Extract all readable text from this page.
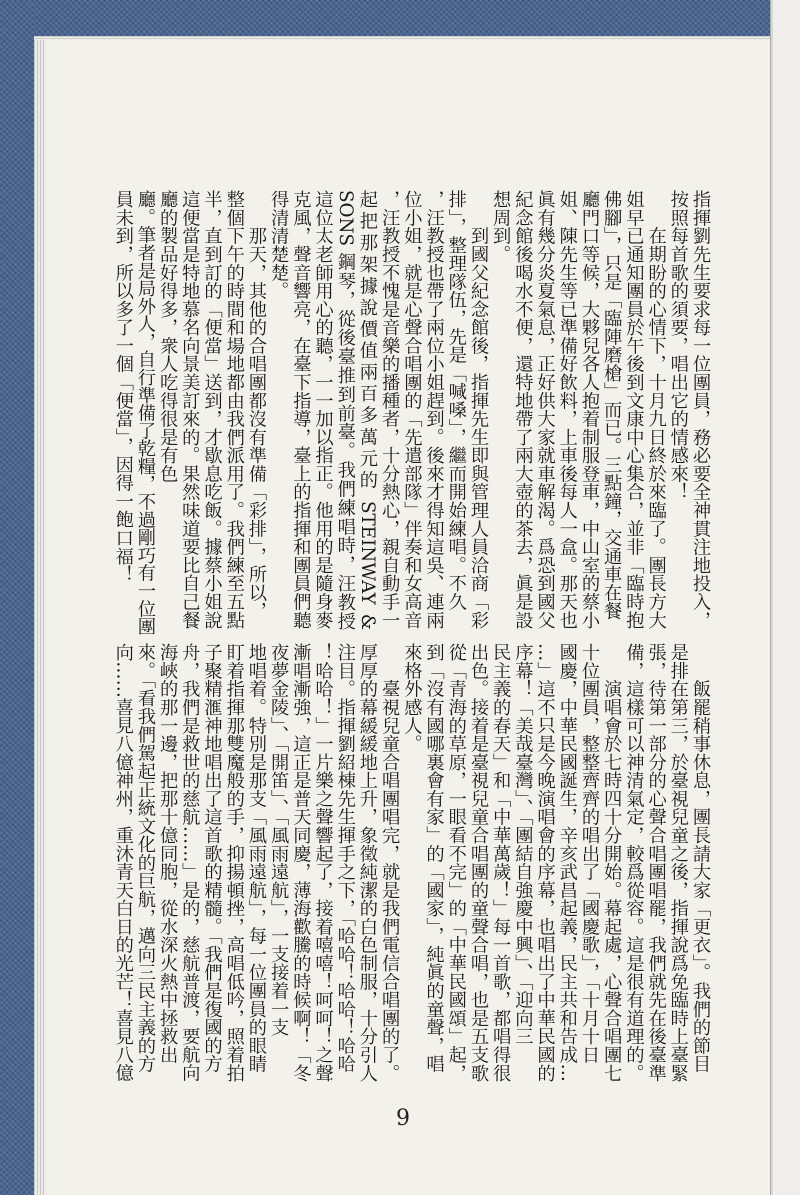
指揮劉先生要求每一位團員，務必要全神貫注地投入，
按照每首歌的須要，唱出它的情感來！
　　在期盼的心情下，十月九日終於來臨了。團長方大
姐早已通知團員於午後到文康中心集合，並非「臨時抱
佛腳」，只是「臨陣磨槍」而已。三點鐘，交通車在餐
廳門口等候，大夥兒各人抱着制服登車，中山室的蔡小
姐、陳先生等已準備好飲料，上車後每人一盒。那天也
眞有幾分炎夏氣息，正好供大家就車解渴。爲恐到國父
紀念館後喝水不便，還特地帶了兩大壺的茶去，眞是設
想周到。
　　到國父紀念館後，指揮先生即與管理人員洽商「彩
排」，整理隊伍，先是「喊嗓」，繼而開始練唱。不久
，汪教授也帶了兩位小姐趕到。後來才得知這吳、連兩
位小姐，就是心聲合唱團的「先遣部隊」伴奏和女高音
，汪教授不愧是音樂的播種者，十分熱心，親自動手一
起把那架據說價值兩百多萬元的 STEINWAY &
SONS 鋼琴，從後臺推到前臺。我們練唱時，汪教授
這位太老師用心的聽，一一加以指正。他用的是隨身麥
克風，聲音響亮，在臺下指導，臺上的指揮和團員們聽
得清清楚楚。
　　那天，其他的合唱團都沒有準備「彩排」，所以，
整個下午的時間和場地都由我們派用了。我們練至五點
半，直到訂的「便當」送到，才歇息吃飯。據蔡小姐說
這便當是特地慕名向景美訂來的。果然味道要比自己餐
廳的製品好得多，衆人吃得很是有色
廳。筆者是局外人，自行準備了乾糧，不過剛巧有一位團
員未到，所以多了一個「便當」，因得一飽口福！
　　飯罷稍事休息，團長請大家「更衣」。我們的節目
是排在第三，於臺視兒童之後，指揮說爲免臨時上臺緊
張，待第一部分的心聲合唱團唱罷，我們就先在後臺準
備，這樣可以神清氣定，較爲從容。這是很有道理的。
　　演唱會於七時四十分開始。幕起處，心聲合唱團七
十位團員，整整齊齊的唱出了「國慶歌」，「十月十日
國慶，中華民國誕生，辛亥武昌起義，民主共和告成…
…」這不只是今晚演唱會的序幕，也唱出了中華民國的
序幕！「美哉臺灣」、「團結自強慶中興」、「迎向三
民主義的春天」和「中華萬歲！」每一首歌，都唱得很
出色。接着是臺視兒童合唱團的童聲合唱，也是五支歌
從「青海的草原，一眼看不完」的「中華民國頌」起，
到「沒有國哪裏會有家」的「國家」，純眞的童聲，唱
來格外感人。
　　臺視兒童合唱團唱完，就是我們電信合唱團的了。
厚厚的幕緩緩地上升，象徵純潔的白色制服，十分引人
注目。指揮劉紹棟先生揮手之下，「哈哈！哈哈！哈哈
！哈哈！」一片樂之聲響起了，接着嘻嘻！呵呵！之聲
漸唱漸強，這正是普天同慶，薄海歡騰的時候啊！「冬
夜夢金陵」、「開笛」、「風雨遠航」，一支接着一支
地唱着。特別是那支「風雨遠航」，每一位團員的眼睛
盯着指揮那雙魔般的手，抑揚頓挫，高唱低吟，照着拍
子聚精滙神地唱出了這首歌的精髓。「我們是復國的方
舟，我們是救世的慈航……」是的，慈航普渡，要航向
海峽的那一邊，把那十億同胞，從水深火熱中拯救出
來。「看我們駕起正統文化的巨航，邁向三民主義的方
向……喜見八億神州，重沐青天白日的光芒！喜見八億
9
